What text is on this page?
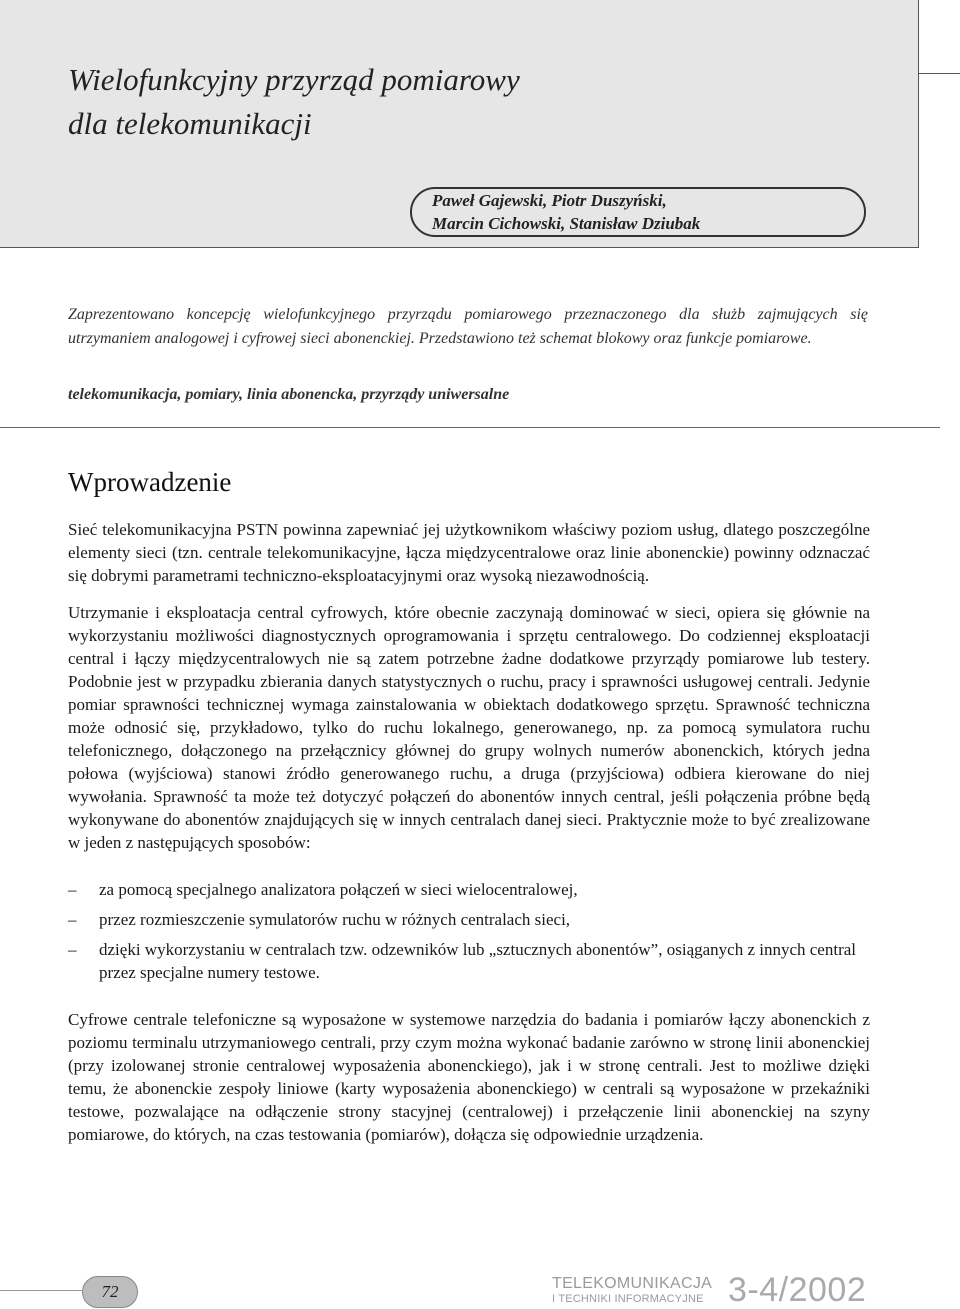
Wielofunkcyjny przyrząd pomiarowy
dla telekomunikacji
Paweł Gajewski, Piotr Duszyński,
Marcin Cichowski, Stanisław Dziubak

Zaprezentowano koncepcję wielofunkcyjnego przyrządu pomiarowego przeznaczonego dla służb zajmujących się utrzymaniem analogowej i cyfrowej sieci abonenckiej. Przedstawiono też schemat blokowy oraz funkcje pomiarowe.

telekomunikacja, pomiary, linia abonencka, przyrządy uniwersalne

Wprowadzenie

Sieć telekomunikacyjna PSTN powinna zapewniać jej użytkownikom właściwy poziom usług, dlatego poszczególne elementy sieci (tzn. centrale telekomunikacyjne, łącza międzycentralowe oraz linie abonenckie) powinny odznaczać się dobrymi parametrami techniczno-eksploatacyjnymi oraz wysoką niezawodnością.

Utrzymanie i eksploatacja central cyfrowych, które obecnie zaczynają dominować w sieci, opiera się głównie na wykorzystaniu możliwości diagnostycznych oprogramowania i sprzętu centralowego. Do codziennej eksploatacji central i łączy międzycentralowych nie są zatem potrzebne żadne dodatkowe przyrządy pomiarowe lub testery. Podobnie jest w przypadku zbierania danych statystycznych o ruchu, pracy i sprawności usługowej centrali. Jedynie pomiar sprawności technicznej wymaga zainstalowania w obiektach dodatkowego sprzętu. Sprawność techniczna może odnosić się, przykładowo, tylko do ruchu lokalnego, generowanego, np. za pomocą symulatora ruchu telefonicznego, dołączonego na przełącznicy głównej do grupy wolnych numerów abonenckich, których jedna połowa (wyjściowa) stanowi źródło generowanego ruchu, a druga (przyjściowa) odbiera kierowane do niej wywołania. Sprawność ta może też dotyczyć połączeń do abonentów innych central, jeśli połączenia próbne będą wykonywane do abonentów znajdujących się w innych centralach danej sieci. Praktycznie może to być zrealizowane w jeden z następujących sposobów:

– za pomocą specjalnego analizatora połączeń w sieci wielocentralowej,
– przez rozmieszczenie symulatorów ruchu w różnych centralach sieci,
– dzięki wykorzystaniu w centralach tzw. odzewników lub „sztucznych abonentów”, osiąganych z innych central przez specjalne numery testowe.

Cyfrowe centrale telefoniczne są wyposażone w systemowe narzędzia do badania i pomiarów łączy abonenckich z poziomu terminalu utrzymaniowego centrali, przy czym można wykonać badanie zarówno w stronę linii abonenckiej (przy izolowanej stronie centralowej wyposażenia abonenckiego), jak i w stronę centrali. Jest to możliwe dzięki temu, że abonenckie zespoły liniowe (karty wyposażenia abonenckiego) w centrali są wyposażone w przekaźniki testowe, pozwalające na odłączenie strony stacyjnej (centralowej) i przełączenie linii abonenckiej na szyny pomiarowe, do których, na czas testowania (pomiarów), dołącza się odpowiednie urządzenia.

72	TELEKOMUNIKACJA
I TECHNIKI INFORMACYJNE 3-4/2002
